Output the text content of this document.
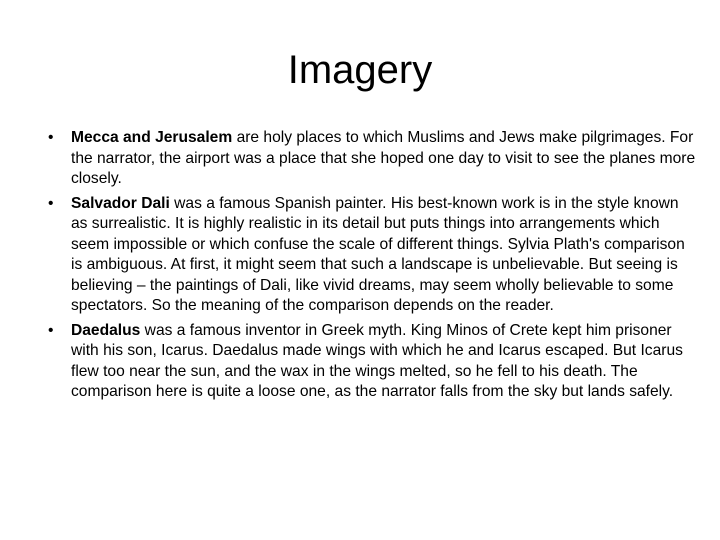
Imagery
• Mecca and Jerusalem are holy places to which Muslims and Jews make pilgrimages. For the narrator, the airport was a place that she hoped one day to visit to see the planes more closely.
• Salvador Dali was a famous Spanish painter. His best-known work is in the style known as surrealistic. It is highly realistic in its detail but puts things into arrangements which seem impossible or which confuse the scale of different things. Sylvia Plath's comparison is ambiguous. At first, it might seem that such a landscape is unbelievable. But seeing is believing – the paintings of Dali, like vivid dreams, may seem wholly believable to some spectators. So the meaning of the comparison depends on the reader.
• Daedalus was a famous inventor in Greek myth. King Minos of Crete kept him prisoner with his son, Icarus. Daedalus made wings with which he and Icarus escaped. But Icarus flew too near the sun, and the wax in the wings melted, so he fell to his death. The comparison here is quite a loose one, as the narrator falls from the sky but lands safely.
